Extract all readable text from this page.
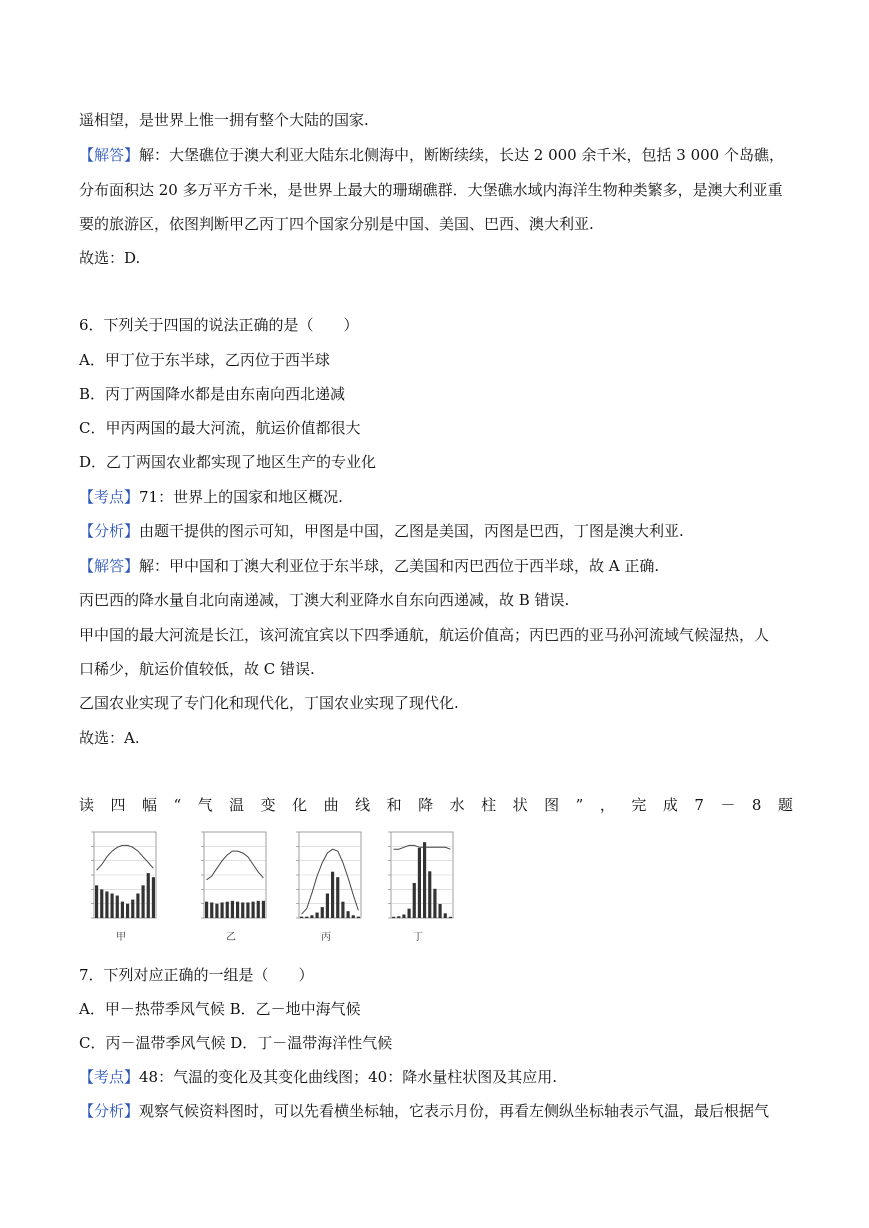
遥相望，是世界上惟一拥有整个大陆的国家.
【解答】解：大堡礁位于澳大利亚大陆东北侧海中，断断续续，长达 2 000 余千米，包括 3 000 个岛礁，
分布面积达 20 多万平方千米，是世界上最大的珊瑚礁群．大堡礁水域内海洋生物种类繁多，是澳大利亚重
要的旅游区，依图判断甲乙丙丁四个国家分别是中国、美国、巴西、澳大利亚.
故选：D.
6．下列关于四国的说法正确的是（　　）
A．甲丁位于东半球，乙丙位于西半球
B．丙丁两国降水都是由东南向西北递减
C．甲丙两国的最大河流，航运价值都很大
D．乙丁两国农业都实现了地区生产的专业化
【考点】71：世界上的国家和地区概况.
【分析】由题干提供的图示可知，甲图是中国，乙图是美国，丙图是巴西，丁图是澳大利亚.
【解答】解：甲中国和丁澳大利亚位于东半球，乙美国和丙巴西位于西半球，故 A 正确.
丙巴西的降水量自北向南递减，丁澳大利亚降水自东向西递减，故 B 错误.
甲中国的最大河流是长江，该河流宜宾以下四季通航，航运价值高；丙巴西的亚马孙河流域气候湿热，人
口稀少，航运价值较低，故 C 错误.
乙国农业实现了专门化和现代化，丁国农业实现了现代化.
故选：A.
读 四 幅 “ 气 温 变 化 曲 线 和 降 水 柱 状 图 ” ， 完 成 7 － 8 题
7．下列对应正确的一组是（　　）
A．甲－热带季风气候 B．乙－地中海气候
C．丙－温带季风气候 D．丁－温带海洋性气候
【考点】48：气温的变化及其变化曲线图；40：降水量柱状图及其应用.
【分析】观察气候资料图时，可以先看横坐标轴，它表示月份，再看左侧纵坐标轴表示气温，最后根据气
甲	乙	丙	丁
